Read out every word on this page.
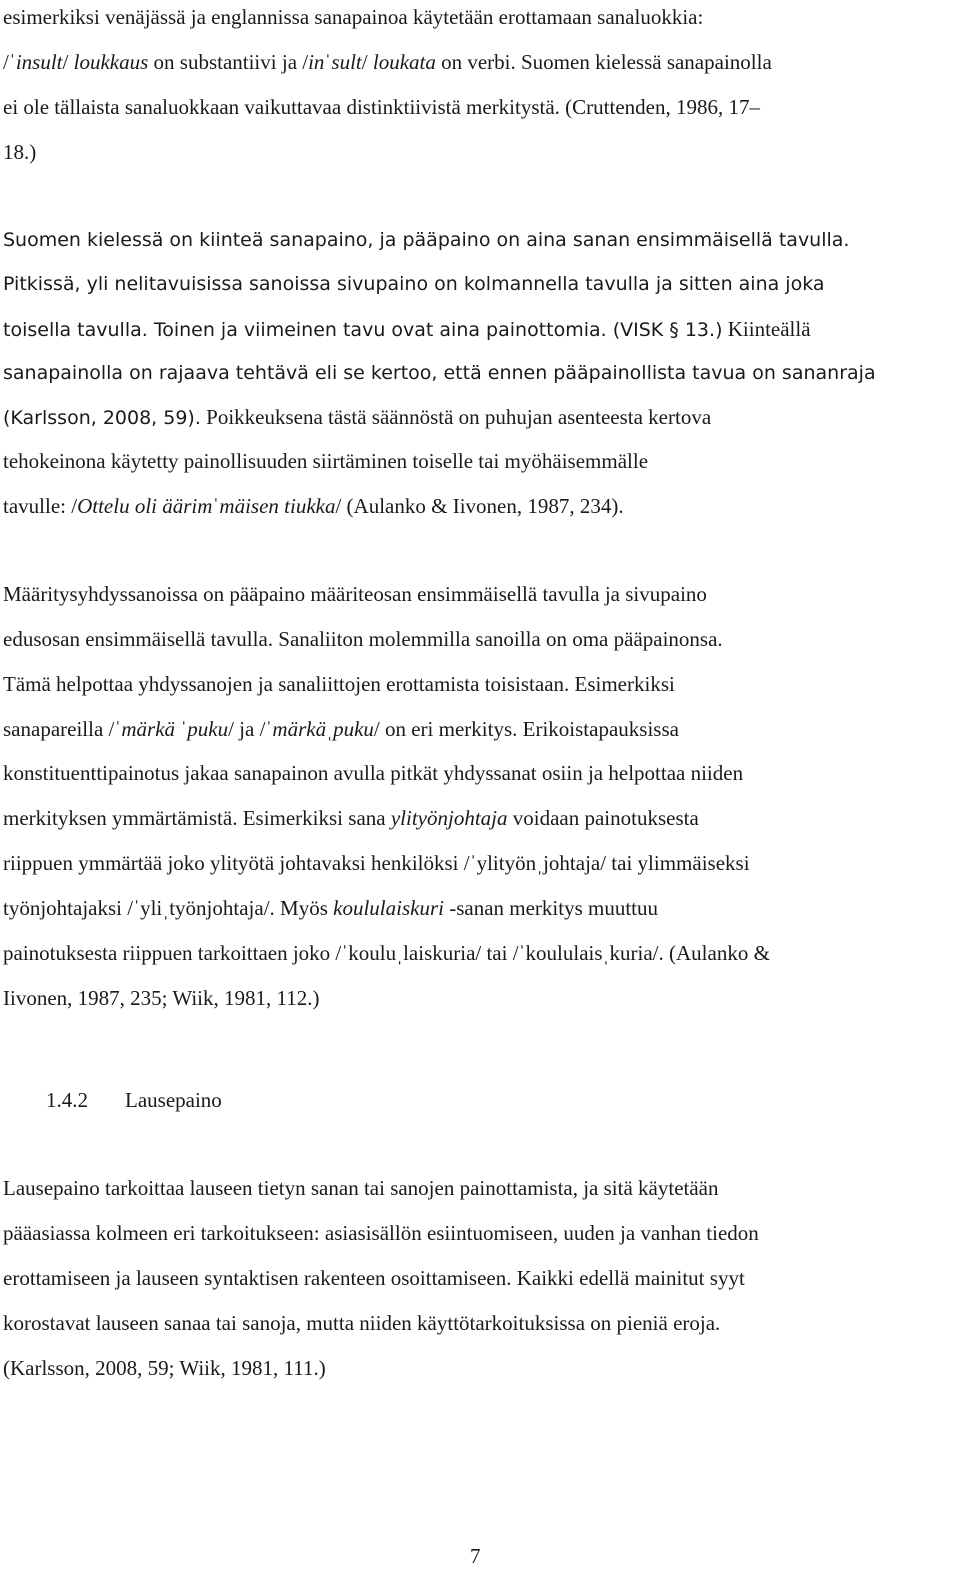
esimerkiksi venäjässä ja englannissa sanapainoa käytetään erottamaan sanaluokkia:
/ˈinsult/ loukkaus on substantiivi ja /inˈsult/ loukata on verbi. Suomen kielessä sanapainolla
ei ole tällaista sanaluokkaan vaikuttavaa distinktiivistä merkitystä. (Cruttenden, 1986, 17–
18.)
Suomen kielessä on kiinteä sanapaino, ja pääpaino on aina sanan ensimmäisellä tavulla.
Pitkissä, yli nelitavuisissa sanoissa sivupaino on kolmannella tavulla ja sitten aina joka
toisella tavulla. Toinen ja viimeinen tavu ovat aina painottomia. (VISK § 13.) Kiinteällä
sanapainolla on rajaava tehtävä eli se kertoo, että ennen pääpainollista tavua on sananraja
(Karlsson, 2008, 59). Poikkeuksena tästä säännöstä on puhujan asenteesta kertova
tehokeinona käytetty painollisuuden siirtäminen toiselle tai myöhäisemmälle
tavulle: /Ottelu oli äärimˈmäisen tiukka/ (Aulanko & Iivonen, 1987, 234).
Määritysyhdyssanoissa on pääpaino määriteosan ensimmäisellä tavulla ja sivupaino
edusosan ensimmäisellä tavulla. Sanaliiton molemmilla sanoilla on oma pääpainonsa.
Tämä helpottaa yhdyssanojen ja sanaliittojen erottamista toisistaan. Esimerkiksi
sanapareilla /ˈmärkä ˈpuku/ ja /ˈmärkäˌpuku/ on eri merkitys. Erikoistapauksissa
konstituenttipainotus jakaa sanapainon avulla pitkät yhdyssanat osiin ja helpottaa niiden
merkityksen ymmärtämistä. Esimerkiksi sana ylityönjohtaja voidaan painotuksesta
riippuen ymmärtää joko ylityötä johtavaksi henkilöksi /ˈylityönˌjohtaja/ tai ylimmäiseksi
työnjohtajaksi /ˈyliˌtyönjohtaja/. Myös koululaiskuri -sanan merkitys muuttuu
painotuksesta riippuen tarkoittaen joko /ˈkouluˌlaiskuria/ tai /ˈkoululaisˌkuria/. (Aulanko &
Iivonen, 1987, 235; Wiik, 1981, 112.)
Lausepaino tarkoittaa lauseen tietyn sanan tai sanojen painottamista, ja sitä käytetään
pääasiassa kolmeen eri tarkoitukseen: asiasisällön esiintuomiseen, uuden ja vanhan tiedon
erottamiseen ja lauseen syntaktisen rakenteen osoittamiseen. Kaikki edellä mainitut syyt
korostavat lauseen sanaa tai sanoja, mutta niiden käyttötarkoituksissa on pieniä eroja.
(Karlsson, 2008, 59; Wiik, 1981, 111.)
1.4.2 Lausepaino
7
